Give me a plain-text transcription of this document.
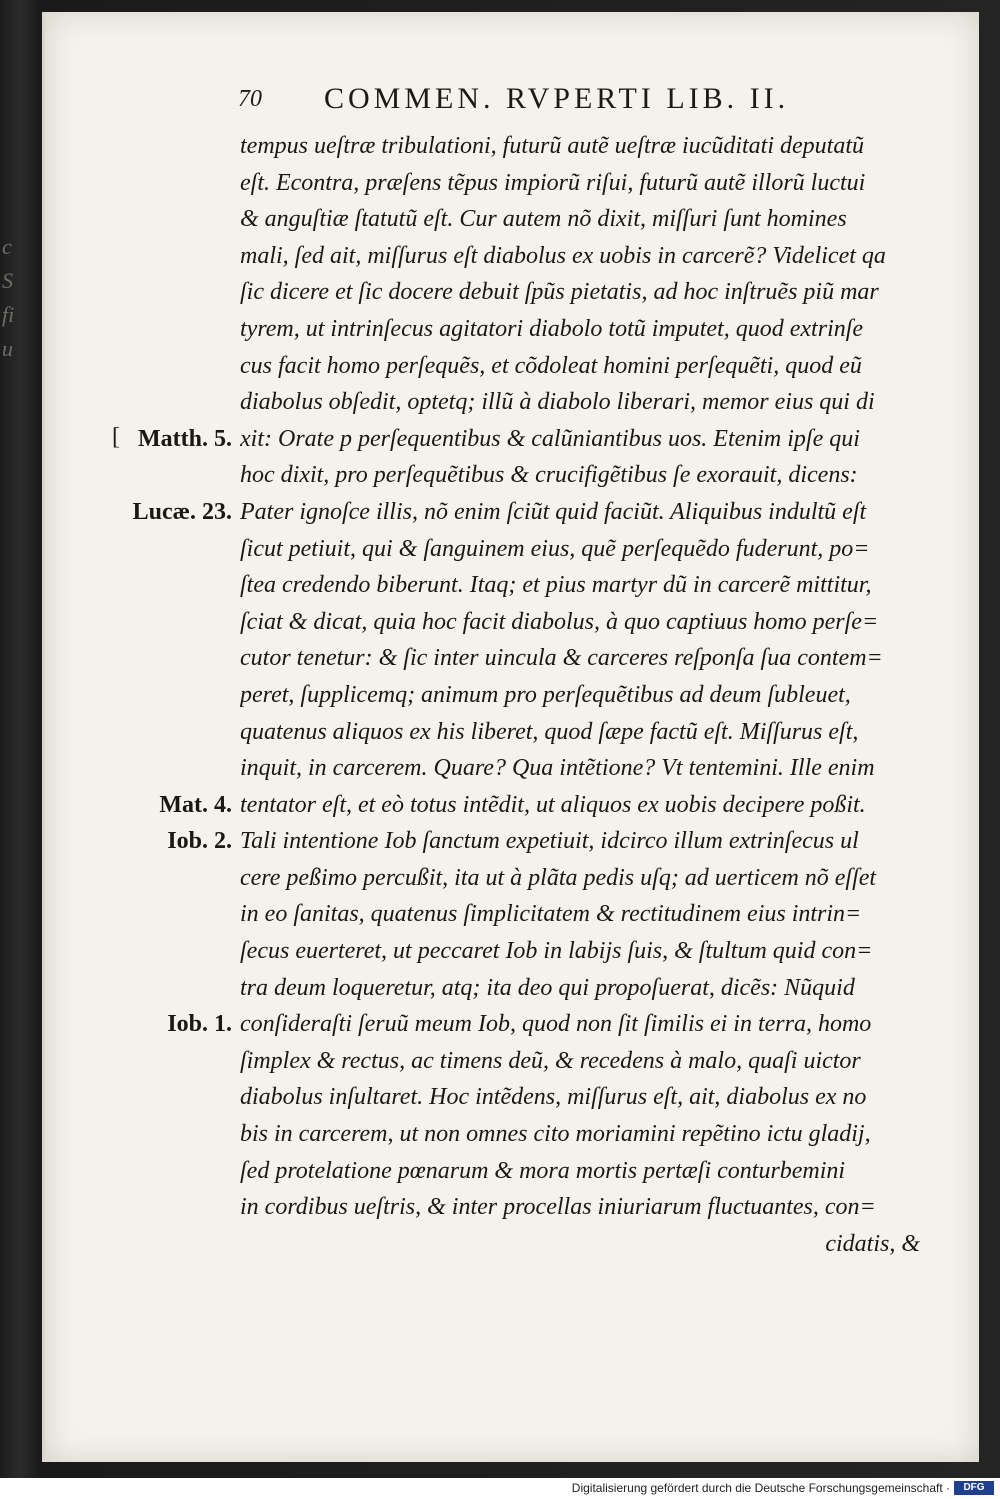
c
S
fi
u
70 COMMEN. RVPERTI LIB. II.
[
tempus ueſtræ tribulationi, futurũ autẽ ueſtræ iucũditati deputatũ
eſt. Econtra, præſens tẽpus impiorũ riſui, futurũ autẽ illorũ luctui
& anguſtiæ ſtatutũ eſt. Cur autem nõ dixit, miſſuri ſunt homines
mali, ſed ait, miſſurus eſt diabolus ex uobis in carcerẽ? Videlicet qa
ſic dicere et ſic docere debuit ſpũs pietatis, ad hoc inſtruẽs piũ mar
tyrem, ut intrinſecus agitatori diabolo totũ imputet, quod extrinſe
cus facit homo perſequẽs, et cõdoleat homini perſequẽti, quod eũ
diabolus obſedit, optetq; illũ à diabolo liberari, memor eius qui di
xit: Orate p perſequentibus & calũniantibus uos. Etenim ipſe qui
hoc dixit, pro perſequẽtibus & crucifigẽtibus ſe exorauit, dicens:
Pater ignoſce illis, nõ enim ſciũt quid faciũt. Aliquibus indultũ eſt
ſicut petiuit, qui & ſanguinem eius, quẽ perſequẽdo fuderunt, po=
ſtea credendo biberunt. Itaq; et pius martyr dũ in carcerẽ mittitur,
ſciat & dicat, quia hoc facit diabolus, à quo captiuus homo perſe=
cutor tenetur: & ſic inter uincula & carceres reſponſa ſua contem=
peret, ſupplicemq; animum pro perſequẽtibus ad deum ſubleuet,
quatenus aliquos ex his liberet, quod ſæpe factũ eſt. Miſſurus eſt,
inquit, in carcerem. Quare? Qua intẽtione? Vt tentemini. Ille enim
tentator eſt, et eò totus intẽdit, ut aliquos ex uobis decipere poßit.
Tali intentione Iob ſanctum expetiuit, idcirco illum extrinſecus ul
cere peßimo percußit, ita ut à plãta pedis uſq; ad uerticem nõ eſſet
in eo ſanitas, quatenus ſimplicitatem & rectitudinem eius intrin=
ſecus euerteret, ut peccaret Iob in labijs ſuis, & ſtultum quid con=
tra deum loqueretur, atq; ita deo qui propoſuerat, dicẽs: Nũquid
conſideraſti ſeruũ meum Iob, quod non ſit ſimilis ei in terra, homo
ſimplex & rectus, ac timens deũ, & recedens à malo, quaſi uictor
diabolus inſultaret. Hoc intẽdens, miſſurus eſt, ait, diabolus ex no
bis in carcerem, ut non omnes cito moriamini repẽtino ictu gladij,
ſed protelatione pœnarum & mora mortis pertæſi conturbemini
in cordibus ueſtris, & inter procellas iniuriarum fluctuantes, con=
cidatis, &
Matth. 5.
Lucæ. 23.
Mat. 4.
Iob. 2.
Iob. 1.
Digitalisierung gefördert durch die Deutsche Forschungsgemeinschaft ·	DFG
